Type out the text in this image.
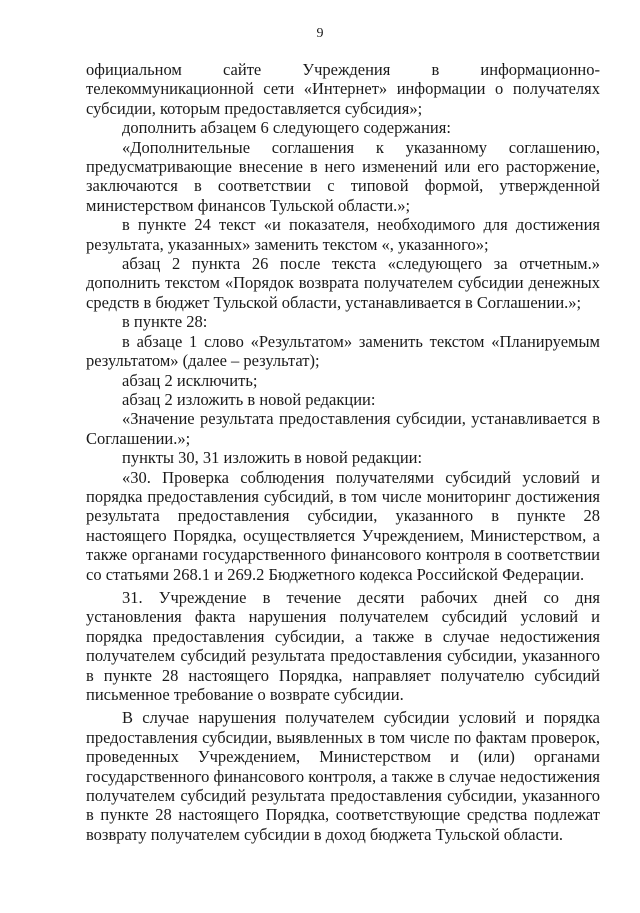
9

официальном сайте Учреждения в информационно-телекоммуникационной сети «Интернет» информации о получателях субсидии, которым предоставляется субсидия»;

дополнить абзацем 6 следующего содержания:

«Дополнительные соглашения к указанному соглашению, предусматривающие внесение в него изменений или его расторжение, заключаются в соответствии с типовой формой, утвержденной министерством финансов Тульской области.»;

в пункте 24 текст «и показателя, необходимого для достижения результата, указанных» заменить текстом «, указанного»;

абзац 2 пункта 26 после текста «следующего за отчетным.» дополнить текстом «Порядок возврата получателем субсидии денежных средств в бюджет Тульской области, устанавливается в Соглашении.»;

в пункте 28:

в абзаце 1 слово «Результатом» заменить текстом «Планируемым результатом» (далее – результат);

абзац 2 исключить;

абзац 2 изложить в новой редакции:

«Значение результата предоставления субсидии, устанавливается в Соглашении.»;

пункты 30, 31 изложить в новой редакции:

«30. Проверка соблюдения получателями субсидий условий и порядка предоставления субсидий, в том числе мониторинг достижения результата предоставления субсидии, указанного в пункте 28 настоящего Порядка, осуществляется Учреждением, Министерством, а также органами государственного финансового контроля в соответствии со статьями 268.1 и 269.2 Бюджетного кодекса Российской Федерации.

31. Учреждение в течение десяти рабочих дней со дня установления факта нарушения получателем субсидий условий и порядка предоставления субсидии, а также в случае недостижения получателем субсидий результата предоставления субсидии, указанного в пункте 28 настоящего Порядка, направляет получателю субсидий письменное требование о возврате субсидии.

В случае нарушения получателем субсидии условий и порядка предоставления субсидии, выявленных в том числе по фактам проверок, проведенных Учреждением, Министерством и (или) органами государственного финансового контроля, а также в случае недостижения получателем субсидий результата предоставления субсидии, указанного в пункте 28 настоящего Порядка, соответствующие средства подлежат возврату получателем субсидии в доход бюджета Тульской области.
